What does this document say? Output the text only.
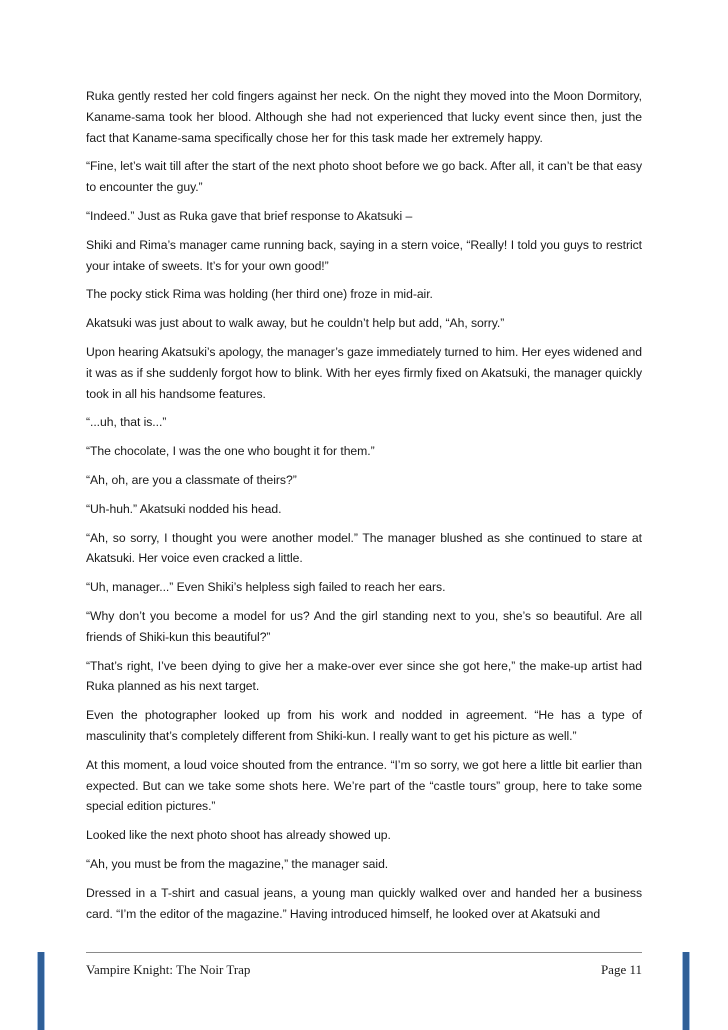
Ruka gently rested her cold fingers against her neck. On the night they moved into the Moon Dormitory, Kaname-sama took her blood. Although she had not experienced that lucky event since then, just the fact that Kaname-sama specifically chose her for this task made her extremely happy.

“Fine, let’s wait till after the start of the next photo shoot before we go back. After all, it can’t be that easy to encounter the guy.”

“Indeed.” Just as Ruka gave that brief response to Akatsuki –

Shiki and Rima’s manager came running back, saying in a stern voice, “Really! I told you guys to restrict your intake of sweets. It’s for your own good!”

The pocky stick Rima was holding (her third one) froze in mid-air.

Akatsuki was just about to walk away, but he couldn’t help but add, “Ah, sorry.”

Upon hearing Akatsuki’s apology, the manager’s gaze immediately turned to him. Her eyes widened and it was as if she suddenly forgot how to blink. With her eyes firmly fixed on Akatsuki, the manager quickly took in all his handsome features.

“...uh, that is...”

“The chocolate, I was the one who bought it for them.”

“Ah, oh, are you a classmate of theirs?”

“Uh-huh.” Akatsuki nodded his head.

“Ah, so sorry, I thought you were another model.” The manager blushed as she continued to stare at Akatsuki. Her voice even cracked a little.

“Uh, manager...” Even Shiki’s helpless sigh failed to reach her ears.

“Why don’t you become a model for us? And the girl standing next to you, she’s so beautiful. Are all friends of Shiki-kun this beautiful?”

“That’s right, I’ve been dying to give her a make-over ever since she got here,” the make-up artist had Ruka planned as his next target.

Even the photographer looked up from his work and nodded in agreement. “He has a type of masculinity that’s completely different from Shiki-kun. I really want to get his picture as well.”

At this moment, a loud voice shouted from the entrance. “I’m so sorry, we got here a little bit earlier than expected. But can we take some shots here. We’re part of the “castle tours” group, here to take some special edition pictures.”

Looked like the next photo shoot has already showed up.

“Ah, you must be from the magazine,” the manager said.

Dressed in a T-shirt and casual jeans, a young man quickly walked over and handed her a business card. “I’m the editor of the magazine.” Having introduced himself, he looked over at Akatsuki and

Vampire Knight: The Noir Trap	Page 11
